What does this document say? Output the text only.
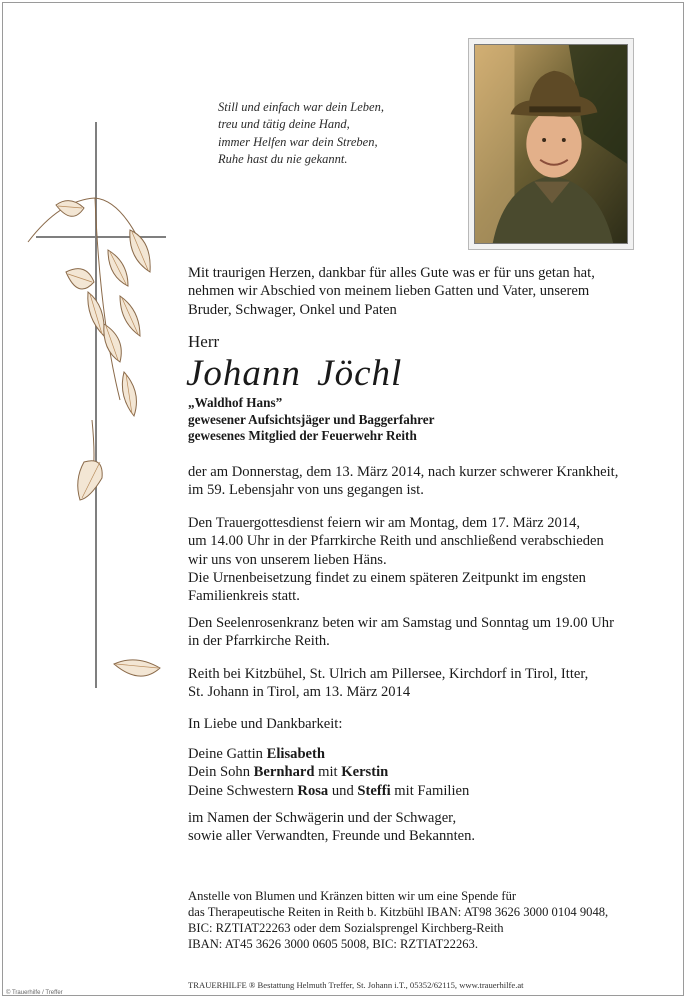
Still und einfach war dein Leben,
treu und tätig deine Hand,
immer Helfen war dein Streben,
Ruhe hast du nie gekannt.
Mit traurigen Herzen, dankbar für alles Gute was er für uns getan hat,
nehmen wir Abschied von meinem lieben Gatten und Vater, unserem
Bruder, Schwager, Onkel und Paten
Herr
Johann Jöchl
„Waldhof Hans”
gewesener Aufsichtsjäger und Baggerfahrer
gewesenes Mitglied der Feuerwehr Reith
der am Donnerstag, dem 13. März 2014, nach kurzer schwerer Krankheit,
im 59. Lebensjahr von uns gegangen ist.
Den Trauergottesdienst feiern wir am Montag, dem 17. März 2014,
um 14.00 Uhr in der Pfarrkirche Reith und anschließend verabschieden
wir uns von unserem lieben Häns.
Die Urnenbeisetzung findet zu einem späteren Zeitpunkt im engsten
Familienkreis statt.
Den Seelenrosenkranz beten wir am Samstag und Sonntag um 19.00 Uhr
in der Pfarrkirche Reith.
Reith bei Kitzbühel, St. Ulrich am Pillersee, Kirchdorf in Tirol, Itter,
St. Johann in Tirol, am 13. März 2014
In Liebe und Dankbarkeit:
Deine Gattin Elisabeth
Dein Sohn Bernhard mit Kerstin
Deine Schwestern Rosa und Steffi mit Familien
im Namen der Schwägerin und der Schwager,
sowie aller Verwandten, Freunde und Bekannten.
Anstelle von Blumen und Kränzen bitten wir um eine Spende für
das Therapeutische Reiten in Reith b. Kitzbühl IBAN: AT98 3626 3000 0104 9048,
BIC: RZTIAT22263 oder dem Sozialsprengel Kirchberg-Reith
IBAN: AT45 3626 3000 0605 5008, BIC: RZTIAT22263.
TRAUERHILFE ® Bestattung Helmuth Treffer, St. Johann i.T., 05352/62115, www.trauerhilfe.at
© Trauerhilfe / Treffer
